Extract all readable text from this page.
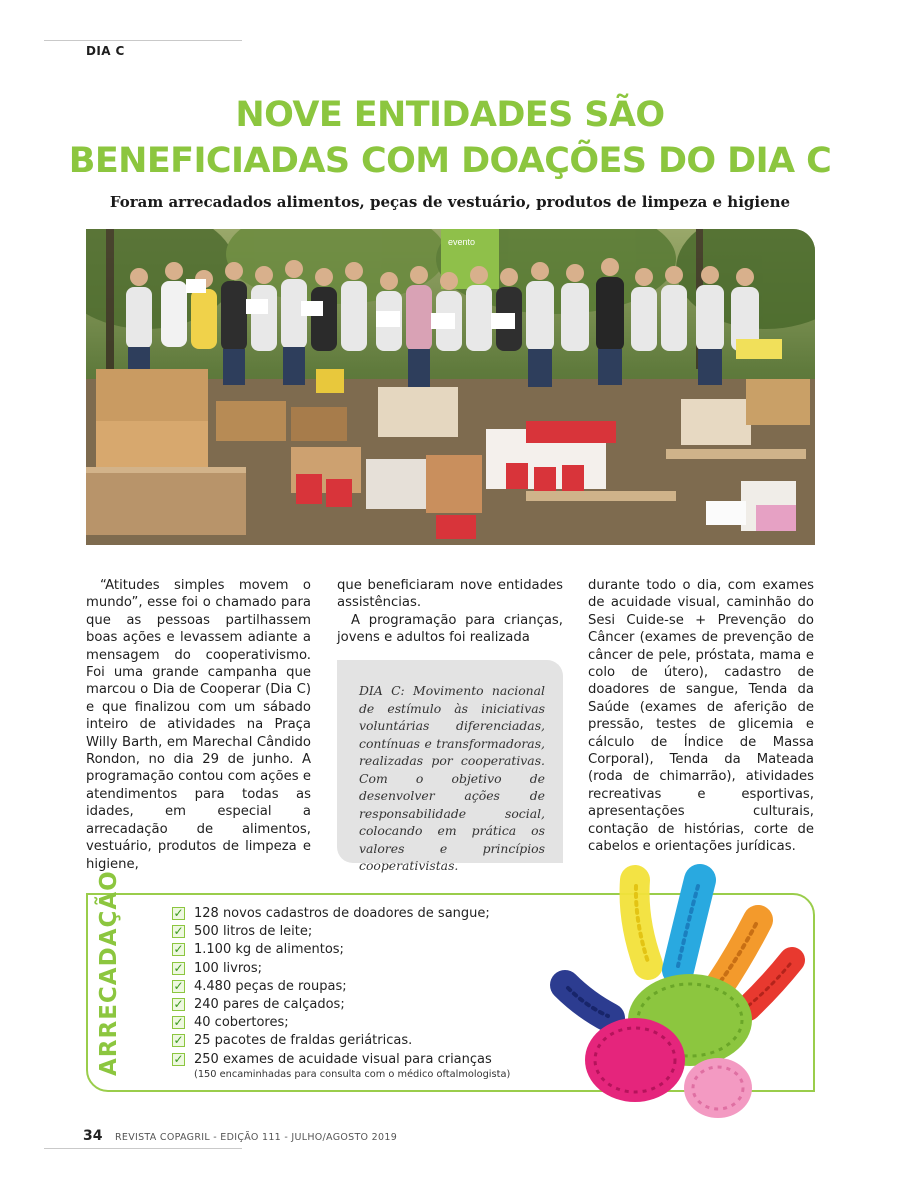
DIA C
NOVE ENTIDADES SÃO
BENEFICIADAS COM DOAÇÕES DO DIA C
Foram arrecadados alimentos, peças de vestuário, produtos de limpeza e higiene
evento

“Atitudes simples movem o mundo”, esse foi o chamado para que as pessoas partilhassem boas ações e levassem adiante a mensagem do cooperativismo. Foi uma grande campanha que marcou o Dia de Cooperar (Dia C) e que finalizou com um sábado inteiro de atividades na Praça Willy Barth, em Marechal Cândido Rondon, no dia 29 de junho. A programação contou com ações e atendimentos para todas as idades, em especial a arrecadação de alimentos, vestuário, produtos de limpeza e higiene,

que beneficiaram nove entidades assistências.

A programação para crianças, jovens e adultos foi realizada

DIA C: Movimento nacional de estímulo às iniciativas voluntárias diferenciadas, contínuas e transformadoras, realizadas por cooperativas. Com o objetivo de desenvolver ações de responsabilidade social, colocando em prática os valores e princípios cooperativistas.

durante todo o dia, com exames de acuidade visual, caminhão do Sesi Cuide-se + Prevenção do Câncer (exames de prevenção de câncer de pele, próstata, mama e colo de útero), cadastro de doadores de sangue, Tenda da Saúde (exames de aferição de pressão, testes de glicemia e cálculo de Índice de Massa Corporal), Tenda da Mateada (roda de chimarrão), atividades recreativas e esportivas, apresentações culturais, contação de histórias, corte de cabelos e orientações jurídicas.

ARRECADAÇÃO	✓ 128 novos cadastros de doadores de sangue;
✓ 500 litros de leite;
✓ 1.100 kg de alimentos;
✓ 100 livros;
✓ 4.480 peças de roupas;
✓ 240 pares de calçados;
✓ 40 cobertores;
✓ 25 pacotes de fraldas geriátricas.
✓ 250 exames de acuidade visual para crianças
(150 encaminhadas para consulta com o médico oftalmologista)
34 REVISTA COPAGRIL - EDIÇÃO 111 - JULHO/AGOSTO 2019
